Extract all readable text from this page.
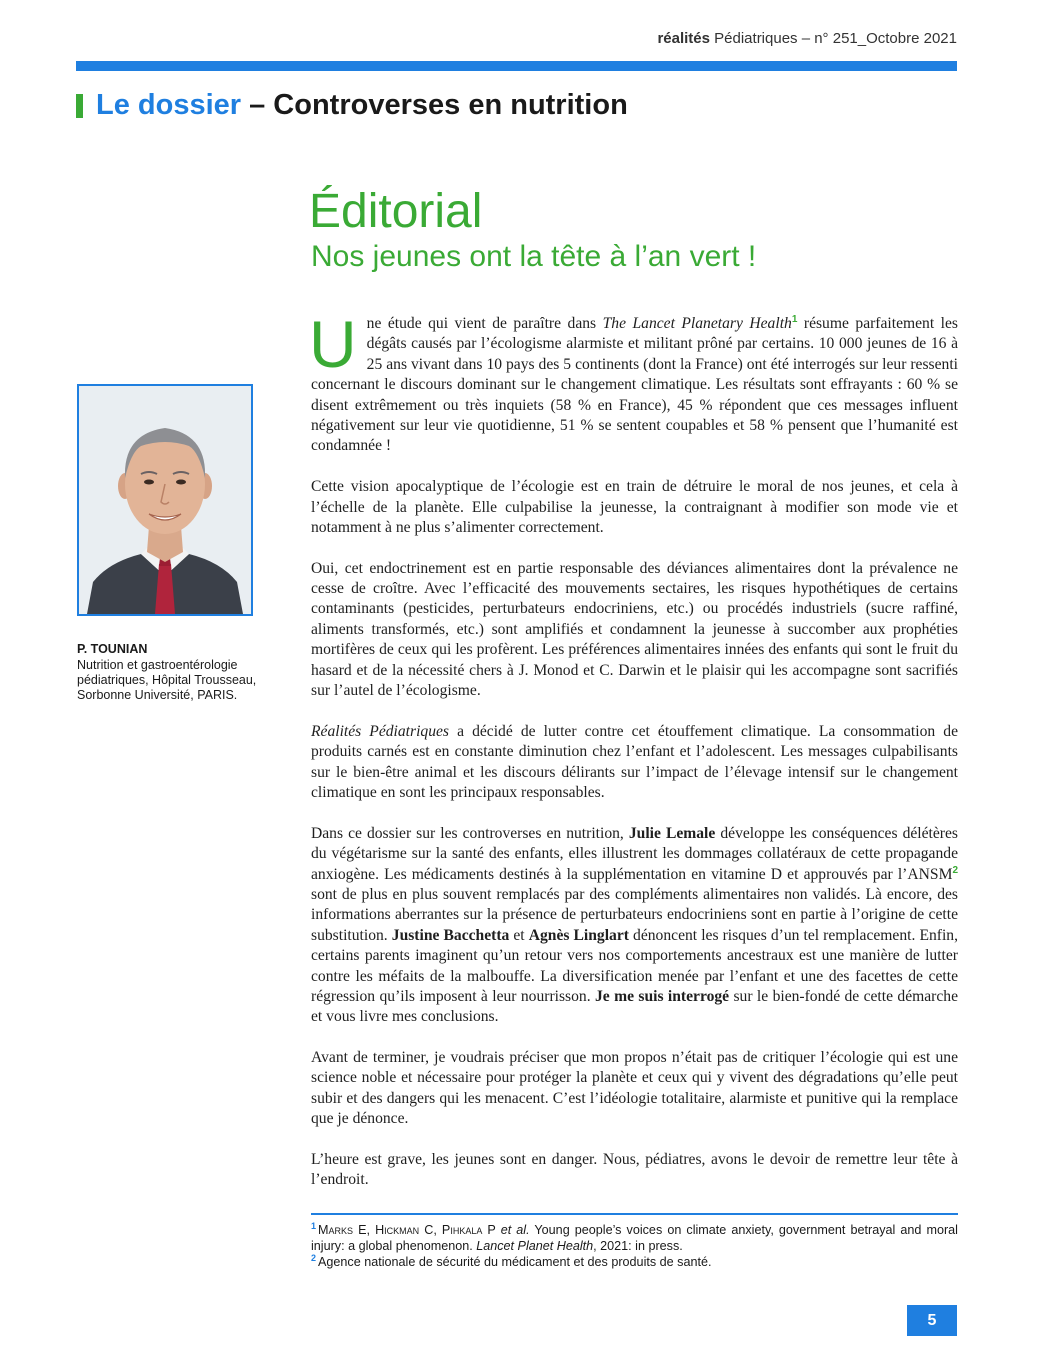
réalités Pédiatriques – n° 251_Octobre 2021
Le dossier
– Controverses en nutrition
Éditorial
Nos jeunes ont la tête à l’an vert !
P. TOUNIAN
Nutrition et gastroentérologie
pédiatriques, Hôpital Trousseau,
Sorbonne Université, PARIS.

Une étude qui vient de paraître dans The Lancet Planetary Health$^1$ résume parfaitement les dégâts causés par l’écologisme alarmiste et militant prôné par certains. 10 000 jeunes de 16 à 25 ans vivant dans 10 pays des 5 continents (dont la France) ont été interrogés sur leur ressenti concernant le discours dominant sur le changement climatique. Les résultats sont effrayants : 60 % se disent extrêmement ou très inquiets (58 % en France), 45 % répondent que ces messages influent négativement sur leur vie quotidienne, 51 % se sentent coupables et 58 % pensent que l’humanité est condamnée !

Cette vision apocalyptique de l’écologie est en train de détruire le moral de nos jeunes, et cela à l’échelle de la planète. Elle culpabilise la jeunesse, la contraignant à modifier son mode vie et notamment à ne plus s’alimenter correctement.

Oui, cet endoctrinement est en partie responsable des déviances alimentaires dont la prévalence ne cesse de croître. Avec l’efficacité des mouvements sectaires, les risques hypothétiques de certains contaminants (pesticides, perturbateurs endocriniens, etc.) ou procédés industriels (sucre raffiné, aliments transformés, etc.) sont amplifiés et condamnent la jeunesse à succomber aux prophéties mortifères de ceux qui les profèrent. Les préférences alimentaires innées des enfants qui sont le fruit du hasard et de la nécessité chers à J. Monod et C. Darwin et le plaisir qui les accompagne sont sacrifiés sur l’autel de l’écologisme.

Réalités Pédiatriques a décidé de lutter contre cet étouffement climatique. La consommation de produits carnés est en constante diminution chez l’enfant et l’adolescent. Les messages culpabilisants sur le bien-être animal et les discours délirants sur l’impact de l’élevage intensif sur le changement climatique en sont les principaux responsables.

Dans ce dossier sur les controverses en nutrition, Julie Lemale développe les conséquences délétères du végétarisme sur la santé des enfants, elles illustrent les dommages collatéraux de cette propagande anxiogène. Les médicaments destinés à la supplémentation en vitamine D et approuvés par l’ANSM$^2$ sont de plus en plus souvent remplacés par des compléments alimentaires non validés. Là encore, des informations aberrantes sur la présence de perturbateurs endocriniens sont en partie à l’origine de cette substitution. Justine Bacchetta et Agnès Linglart dénoncent les risques d’un tel remplacement. Enfin, certains parents imaginent qu’un retour vers nos comportements ancestraux est une manière de lutter contre les méfaits de la malbouffe. La diversification menée par l’enfant et une des facettes de cette régression qu’ils imposent à leur nourrisson. Je me suis interrogé sur le bien-fondé de cette démarche et vous livre mes conclusions.

Avant de terminer, je voudrais préciser que mon propos n’était pas de critiquer l’écologie qui est une science noble et nécessaire pour protéger la planète et ceux qui y vivent des dégradations qu’elle peut subir et des dangers qui les menacent. C’est l’idéologie totalitaire, alarmiste et punitive qui la remplace que je dénonce.

L’heure est grave, les jeunes sont en danger. Nous, pédiatres, avons le devoir de remettre leur tête à l’endroit.

$^1$ Marks E, Hickman C, Pihkala P et al. Young people’s voices on climate anxiety, government betrayal and moral injury: a global phenomenon. Lancet Planet Health, 2021: in press.

$^2$ Agence nationale de sécurité du médicament et des produits de santé.

5
